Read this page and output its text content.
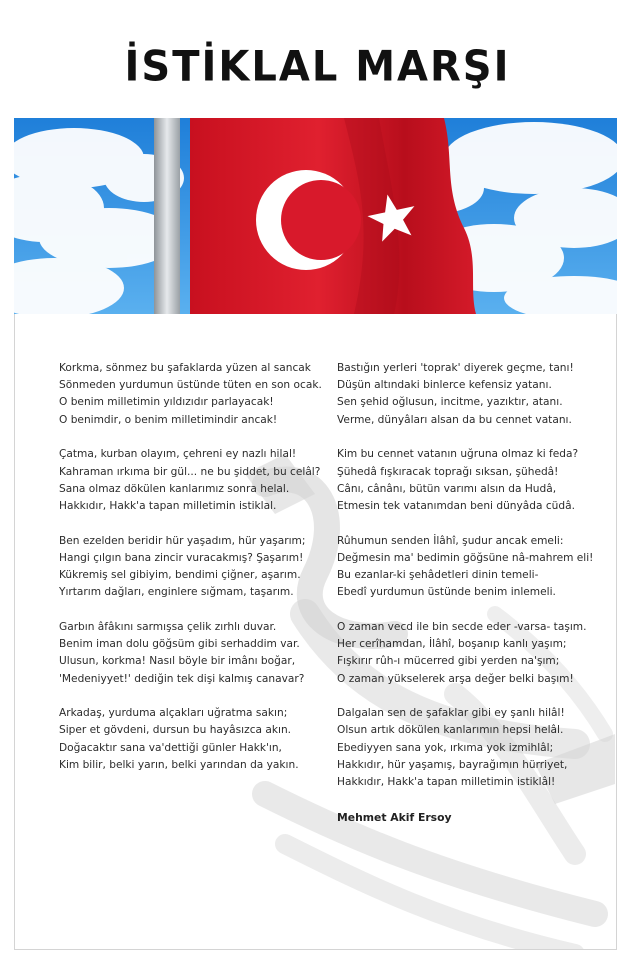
İSTİKLAL MARŞI
Korkma, sönmez bu şafaklarda yüzen al sancak
Sönmeden yurdumun üstünde tüten en son ocak.
O benim milletimin yıldızıdır parlayacak!
O benimdir, o benim milletimindir ancak!
Çatma, kurban olayım, çehreni ey nazlı hilal!
Kahraman ırkıma bir gül... ne bu şiddet, bu celâl?
Sana olmaz dökülen kanlarımız sonra helal.
Hakkıdır, Hakk'a tapan milletimin istiklal.
Ben ezelden beridir hür yaşadım, hür yaşarım;
Hangi çılgın bana zincir vuracakmış? Şaşarım!
Kükremiş sel gibiyim, bendimi çiğner, aşarım.
Yırtarım dağları, enginlere sığmam, taşarım.
Garbın âfâkını sarmışsa çelik zırhlı duvar.
Benim iman dolu göğsüm gibi serhaddim var.
Ulusun, korkma! Nasıl böyle bir imânı boğar,
'Medeniyyet!' dediğin tek dişi kalmış canavar?
Arkadaş, yurduma alçakları uğratma sakın;
Siper et gövdeni, dursun bu hayâsızca akın.
Doğacaktır sana va'dettiği günler Hakk'ın,
Kim bilir, belki yarın, belki yarından da yakın.
Bastığın yerleri 'toprak' diyerek geçme, tanı!
Düşün altındaki binlerce kefensiz yatanı.
Sen şehid oğlusun, incitme, yazıktır, atanı.
Verme, dünyâları alsan da bu cennet vatanı.
Kim bu cennet vatanın uğruna olmaz ki feda?
Şühedâ fışkıracak toprağı sıksan, şühedâ!
Cânı, cânânı, bütün varımı alsın da Hudâ,
Etmesin tek vatanımdan beni dünyâda cüdâ.
Rûhumun senden İlâhî, şudur ancak emeli:
Değmesin ma' bedimin göğsüne nâ-mahrem eli!
Bu ezanlar-ki şehâdetleri dinin temeli-
Ebedî yurdumun üstünde benim inlemeli.
O zaman vecd ile bin secde eder -varsa- taşım.
Her cerîhamdan, İlâhî, boşanıp kanlı yaşım;
Fışkırır rûh-ı mücerred gibi yerden na'şım;
O zaman yükselerek arşa değer belki başım!
Dalgalan sen de şafaklar gibi ey şanlı hilâl!
Olsun artık dökülen kanlarımın hepsi helâl.
Ebediyyen sana yok, ırkıma yok izmihlâl;
Hakkıdır, hür yaşamış, bayrağımın hürriyet,
Hakkıdır, Hakk'a tapan milletimin istiklâl!
Mehmet Akif Ersoy
